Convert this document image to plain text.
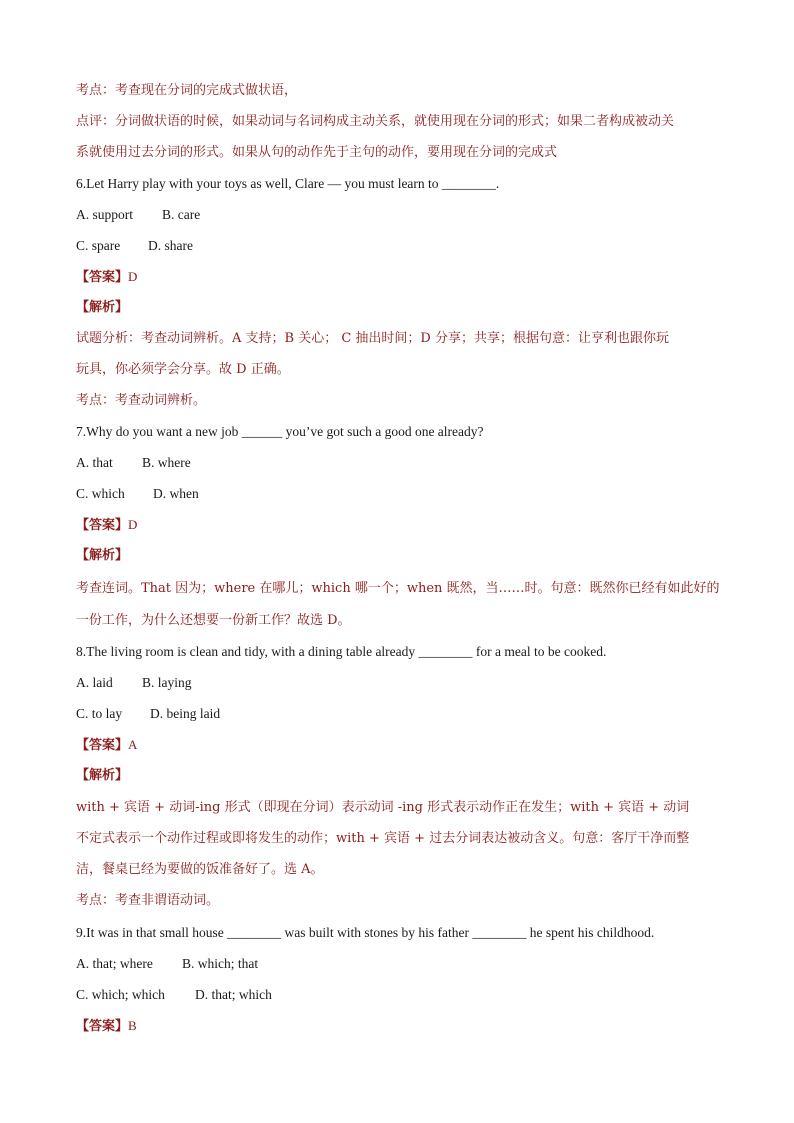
考点：考查现在分词的完成式做状语，
点评：分词做状语的时候，如果动词与名词构成主动关系，就使用现在分词的形式；如果二者构成被动关
系就使用过去分词的形式。如果从句的动作先于主句的动作，要用现在分词的完成式
6.Let Harry play with your toys as well, Clare — you must learn to ________.
A. support B. care
C. spare D. share
【答案】D
【解析】
试题分析：考查动词辨析。A 支持；B 关心； C 抽出时间；D 分享；共享；根据句意：让亨利也跟你玩
玩具，你必须学会分享。故 D 正确。
考点：考查动词辨析。
7.Why do you want a new job ______ you’ve got such a good one already?
A. that B. where
C. which D. when
【答案】D
【解析】
考查连词。That 因为；where 在哪儿；which 哪一个；when 既然，当……时。句意：既然你已经有如此好的
一份工作，为什么还想要一份新工作？故选 D。
8.The living room is clean and tidy, with a dining table already ________ for a meal to be cooked.
A. laid B. laying
C. to lay D. being laid
【答案】A
【解析】
with + 宾语 + 动词-ing 形式（即现在分词）表示动词 -ing 形式表示动作正在发生；with + 宾语 + 动词
不定式表示一个动作过程或即将发生的动作；with + 宾语 + 过去分词表达被动含义。句意：客厅干净而整
洁，餐桌已经为要做的饭准备好了。选 A。
考点：考查非谓语动词。
9.It was in that small house ________ was built with stones by his father ________ he spent his childhood.
A. that; where B. which; that
C. which; which D. that; which
【答案】B
